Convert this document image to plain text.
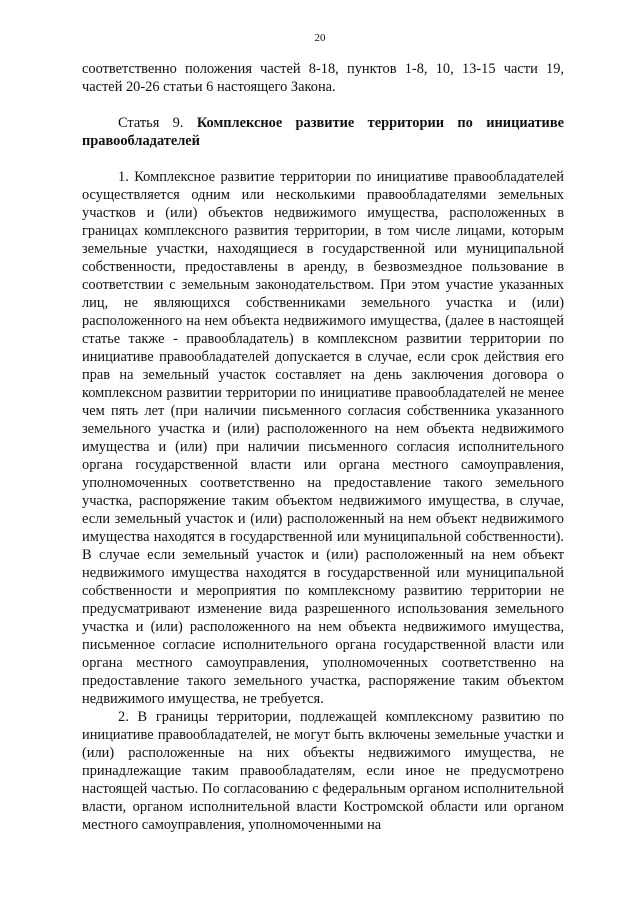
20

соответственно положения частей 8-18, пунктов 1-8, 10, 13-15 части 19, частей 20-26 статьи 6 настоящего Закона.

Статья 9. Комплексное развитие территории по инициативе правообладателей

1. Комплексное развитие территории по инициативе правообладателей осуществляется одним или несколькими правообладателями земельных участков и (или) объектов недвижимого имущества, расположенных в границах комплексного развития территории, в том числе лицами, которым земельные участки, находящиеся в государственной или муниципальной собственности, предоставлены в аренду, в безвозмездное пользование в соответствии с земельным законодательством. При этом участие указанных лиц, не являющихся собственниками земельного участка и (или) расположенного на нем объекта недвижимого имущества, (далее в настоящей статье также - правообладатель) в комплексном развитии территории по инициативе правообладателей допускается в случае, если срок действия его прав на земельный участок составляет на день заключения договора о комплексном развитии территории по инициативе правообладателей не менее чем пять лет (при наличии письменного согласия собственника указанного земельного участка и (или) расположенного на нем объекта недвижимого имущества и (или) при наличии письменного согласия исполнительного органа государственной власти или органа местного самоуправления, уполномоченных соответственно на предоставление такого земельного участка, распоряжение таким объектом недвижимого имущества, в случае, если земельный участок и (или) расположенный на нем объект недвижимого имущества находятся в государственной или муниципальной собственности). В случае если земельный участок и (или) расположенный на нем объект недвижимого имущества находятся в государственной или муниципальной собственности и мероприятия по комплексному развитию территории не предусматривают изменение вида разрешенного использования земельного участка и (или) расположенного на нем объекта недвижимого имущества, письменное согласие исполнительного органа государственной власти или органа местного самоуправления, уполномоченных соответственно на предоставление такого земельного участка, распоряжение таким объектом недвижимого имущества, не требуется.

2. В границы территории, подлежащей комплексному развитию по инициативе правообладателей, не могут быть включены земельные участки и (или) расположенные на них объекты недвижимого имущества, не принадлежащие таким правообладателям, если иное не предусмотрено настоящей частью. По согласованию с федеральным органом исполнительной власти, органом исполнительной власти Костромской области или органом местного самоуправления, уполномоченными на
